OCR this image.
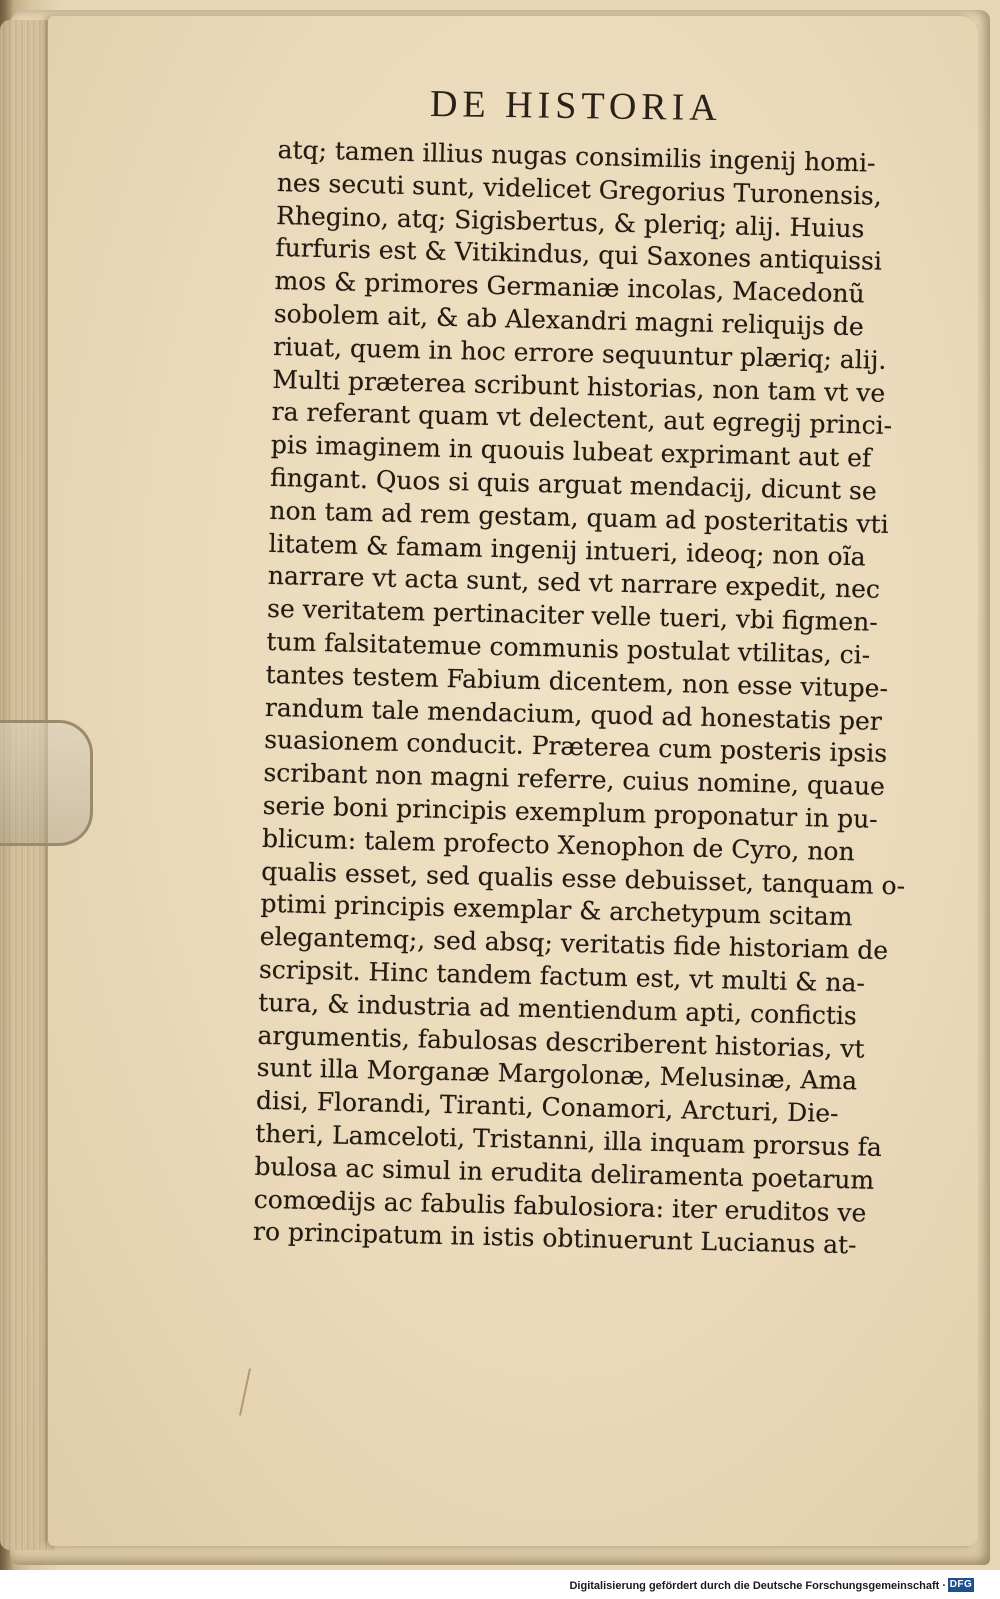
DE HISTORIA
atq; tamen illius nugas consimilis ingenij homi-
nes secuti sunt, videlicet Gregorius Turonensis,
Rhegino, atq; Sigisbertus, & pleriq; alij. Huius
furfuris est & Vitikindus, qui Saxones antiquissi
mos & primores Germaniæ incolas, Macedonũ
sobolem ait, & ab Alexandri magni reliquijs de
riuat, quem in hoc errore sequuntur plæriq; alij.
Multi præterea scribunt historias, non tam vt ve
ra referant quam vt delectent, aut egregij princi-
pis imaginem in quouis lubeat exprimant aut ef
fingant. Quos si quis arguat mendacij, dicunt se
non tam ad rem gestam, quam ad posteritatis vti
litatem & famam ingenij intueri, ideoq; non oĩa
narrare vt acta sunt, sed vt narrare expedit, nec
se veritatem pertinaciter velle tueri, vbi figmen-
tum falsitatemue communis postulat vtilitas, ci-
tantes testem Fabium dicentem, non esse vitupe-
randum tale mendacium, quod ad honestatis per
suasionem conducit. Præterea cum posteris ipsis
scribant non magni referre, cuius nomine, quaue
serie boni principis exemplum proponatur in pu-
blicum: talem profecto Xenophon de Cyro, non
qualis esset, sed qualis esse debuisset, tanquam o-
ptimi principis exemplar & archetypum scitam
elegantemq;, sed absq; veritatis fide historiam de
scripsit. Hinc tandem factum est, vt multi & na-
tura, & industria ad mentiendum apti, confictis
argumentis, fabulosas describerent historias, vt
sunt illa Morganæ Margolonæ, Melusinæ, Ama
disi, Florandi, Tiranti, Conamori, Arcturi, Die-
theri, Lamceloti, Tristanni, illa inquam prorsus fa
bulosa ac simul in erudita deliramenta poetarum
comœdijs ac fabulis fabulosiora: iter eruditos ve
ro principatum in istis obtinuerunt Lucianus at-
Digitalisierung gefördert durch die Deutsche Forschungsgemeinschaft · DFG
